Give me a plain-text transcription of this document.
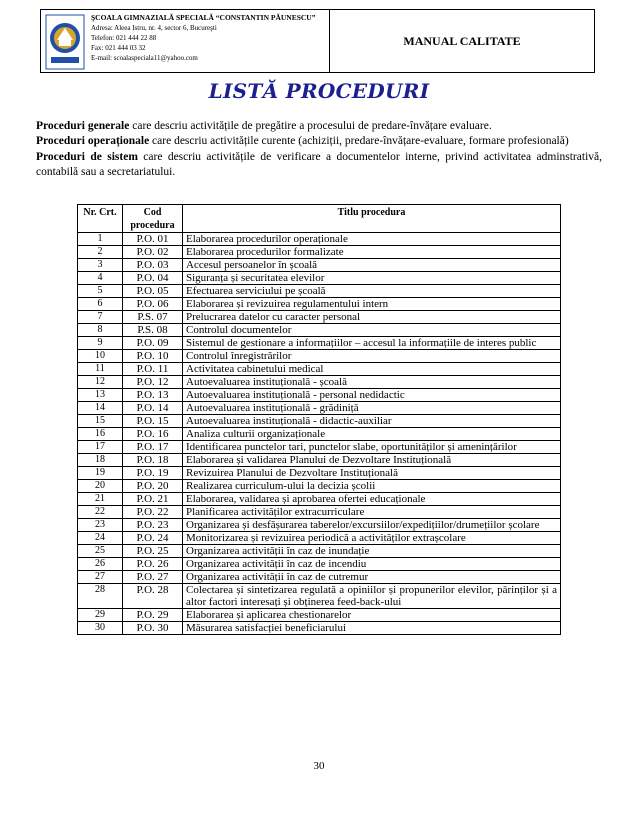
ŞCOALA GIMNAZIALĂ SPECIALĂ “CONSTANTIN PĂUNESCU”
Adresa: Aleea Istru, nr. 4, sector 6, Bucureşti
Telefon: 021 444 22 88
Fax: 021 444 03 32
E-mail: scoalaspeciala11@yahoo.com
MANUAL CALITATE
LISTĂ PROCEDURI

Proceduri generale care descriu activitățile de pregătire a procesului de predare-învățare evaluare.

Proceduri operaționale care descriu activitățile curente (achiziții, predare-învățare-evaluare, formare profesională)

Proceduri de sistem care descriu activitățile de verificare a documentelor interne, privind activitatea adminstrativă, contabilă sau a secretariatului.

Nr. Crt.	Cod procedura	Titlu procedura
1	P.O. 01	Elaborarea procedurilor operaționale
2	P.O. 02	Elaborarea procedurilor formalizate
3	P.O. 03	Accesul persoanelor în școală
4	P.O. 04	Siguranța și securitatea elevilor
5	P.O. 05	Efectuarea serviciului pe școală
6	P.O. 06	Elaborarea și revizuirea regulamentului intern
7	P.S. 07	Prelucrarea datelor cu caracter personal
8	P.S. 08	Controlul documentelor
9	P.O. 09	Sistemul de gestionare a informațiilor – accesul la informațiile de interes public
10	P.O. 10	Controlul înregistrărilor
11	P.O. 11	Activitatea cabinetului medical
12	P.O. 12	Autoevaluarea instituțională - școală
13	P.O. 13	Autoevaluarea instituțională - personal nedidactic
14	P.O. 14	Autoevaluarea instituțională - grădiniță
15	P.O. 15	Autoevaluarea instituțională - didactic-auxiliar
16	P.O. 16	Analiza culturii organizaționale
17	P.O. 17	Identificarea punctelor tari, punctelor slabe, oportunităților și amenințărilor
18	P.O. 18	Elaborarea și validarea Planului de Dezvoltare Instituțională
19	P.O. 19	Revizuirea Planului de Dezvoltare Instituțională
20	P.O. 20	Realizarea curriculum-ului la decizia școlii
21	P.O. 21	Elaborarea, validarea și aprobarea ofertei educaționale
22	P.O. 22	Planificarea activităților extracurriculare
23	P.O. 23	Organizarea și desfășurarea taberelor/excursiilor/expedițiilor/drumețiilor școlare
24	P.O. 24	Monitorizarea și revizuirea periodică a activităților extrașcolare
25	P.O. 25	Organizarea activității în caz de inundație
26	P.O. 26	Organizarea activității în caz de incendiu
27	P.O. 27	Organizarea activității în caz de cutremur
28	P.O. 28	Colectarea și sintetizarea regulată a opiniilor și propunerilor elevilor, părinților și a altor factori interesați și obținerea feed-back-ului
29	P.O. 29	Elaborarea și aplicarea chestionarelor
30	P.O. 30	Măsurarea satisfacției beneficiarului
30
